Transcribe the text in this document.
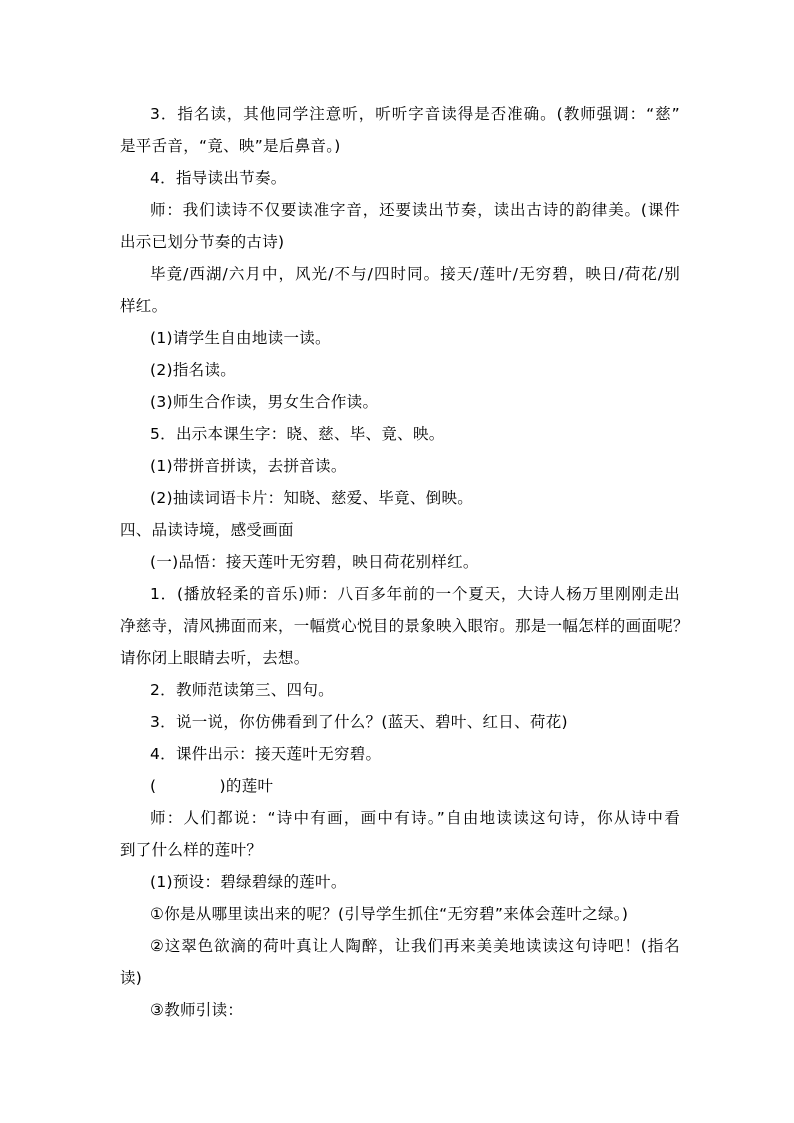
3．指名读，其他同学注意听，听听字音读得是否准确。(教师强调：“慈”
是平舌音，“竟、映”是后鼻音。)
4．指导读出节奏。
师：我们读诗不仅要读准字音，还要读出节奏，读出古诗的韵律美。(课件
出示已划分节奏的古诗)
毕竟/西湖/六月中，风光/不与/四时同。接天/莲叶/无穷碧，映日/荷花/别
样红。
(1)请学生自由地读一读。
(2)指名读。
(3)师生合作读，男女生合作读。
5．出示本课生字：晓、慈、毕、竟、映。
(1)带拼音拼读，去拼音读。
(2)抽读词语卡片：知晓、慈爱、毕竟、倒映。
四、品读诗境，感受画面
(一)品悟：接天莲叶无穷碧，映日荷花别样红。
1．(播放轻柔的音乐)师：八百多年前的一个夏天，大诗人杨万里刚刚走出
净慈寺，清风拂面而来，一幅赏心悦目的景象映入眼帘。那是一幅怎样的画面呢？
请你闭上眼睛去听，去想。
2．教师范读第三、四句。
3．说一说，你仿佛看到了什么？(蓝天、碧叶、红日、荷花)
4．课件出示：接天莲叶无穷碧。
(　　　　)的莲叶
师：人们都说：“诗中有画，画中有诗。”自由地读读这句诗，你从诗中看
到了什么样的莲叶？
(1)预设：碧绿碧绿的莲叶。
①你是从哪里读出来的呢？(引导学生抓住“无穷碧”来体会莲叶之绿。)
②这翠色欲滴的荷叶真让人陶醉，让我们再来美美地读读这句诗吧！(指名
读)
③教师引读：
